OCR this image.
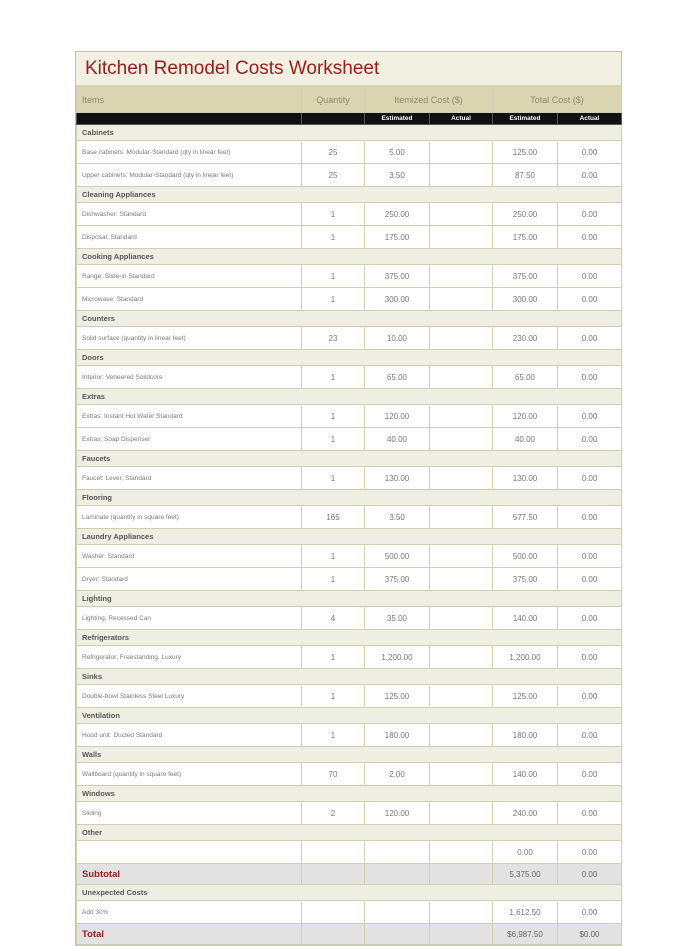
Kitchen Remodel Costs Worksheet
Items	Quantity	Itemized Cost ($)		Total Cost ($)	
		Estimated	Actual	Estimated	Actual
Cabinets					
Base cabinets: Modular-Standard (qty in linear feet)	25	5.00		125.00	0.00
Upper cabinets: Modular-Standard (qty in linear feet)	25	3.50		87.50	0.00
Cleaning Appliances					
Dishwasher: Standard	1	250.00		250.00	0.00
Disposal: Standard	1	175.00		175.00	0.00
Cooking Appliances					
Range: Slide-in Standard	1	375.00		375.00	0.00
Microwave: Standard	1	300.00		300.00	0.00
Counters					
Solid surface (quantity in linear feet)	23	10.00		230.00	0.00
Doors					
Interior: Veneered Solidcore	1	65.00		65.00	0.00
Extras					
Extras: Instant Hot Water Standard	1	120.00		120.00	0.00
Extras: Soap Dispenser	1	40.00		40.00	0.00
Faucets					
Faucet: Lever, Standard	1	130.00		130.00	0.00
Flooring					
Laminate (quantity in square feet)	165	3.50		577.50	0.00
Laundry Appliances					
Washer: Standard	1	500.00		500.00	0.00
Dryer: Standard	1	375.00		375.00	0.00
Lighting					
Lighting: Recessed Can	4	35.00		140.00	0.00
Refrigerators					
Refrigerator: Freestanding, Luxury	1	1,200.00		1,200.00	0.00
Sinks					
Double-bowl Stainless Steel Luxury	1	125.00		125.00	0.00
Ventilation					
Hood unit: Ducted Standard	1	180.00		180.00	0.00
Walls					
Wallboard (quantity in square feet)	70	2.00		140.00	0.00
Windows					
Sliding	2	120.00		240.00	0.00
Other					
				0.00	0.00
Subtotal				5,375.00	0.00
Unexpected Costs					
Add 30%				1,612.50	0.00
Total				$6,987.50	$0.00
